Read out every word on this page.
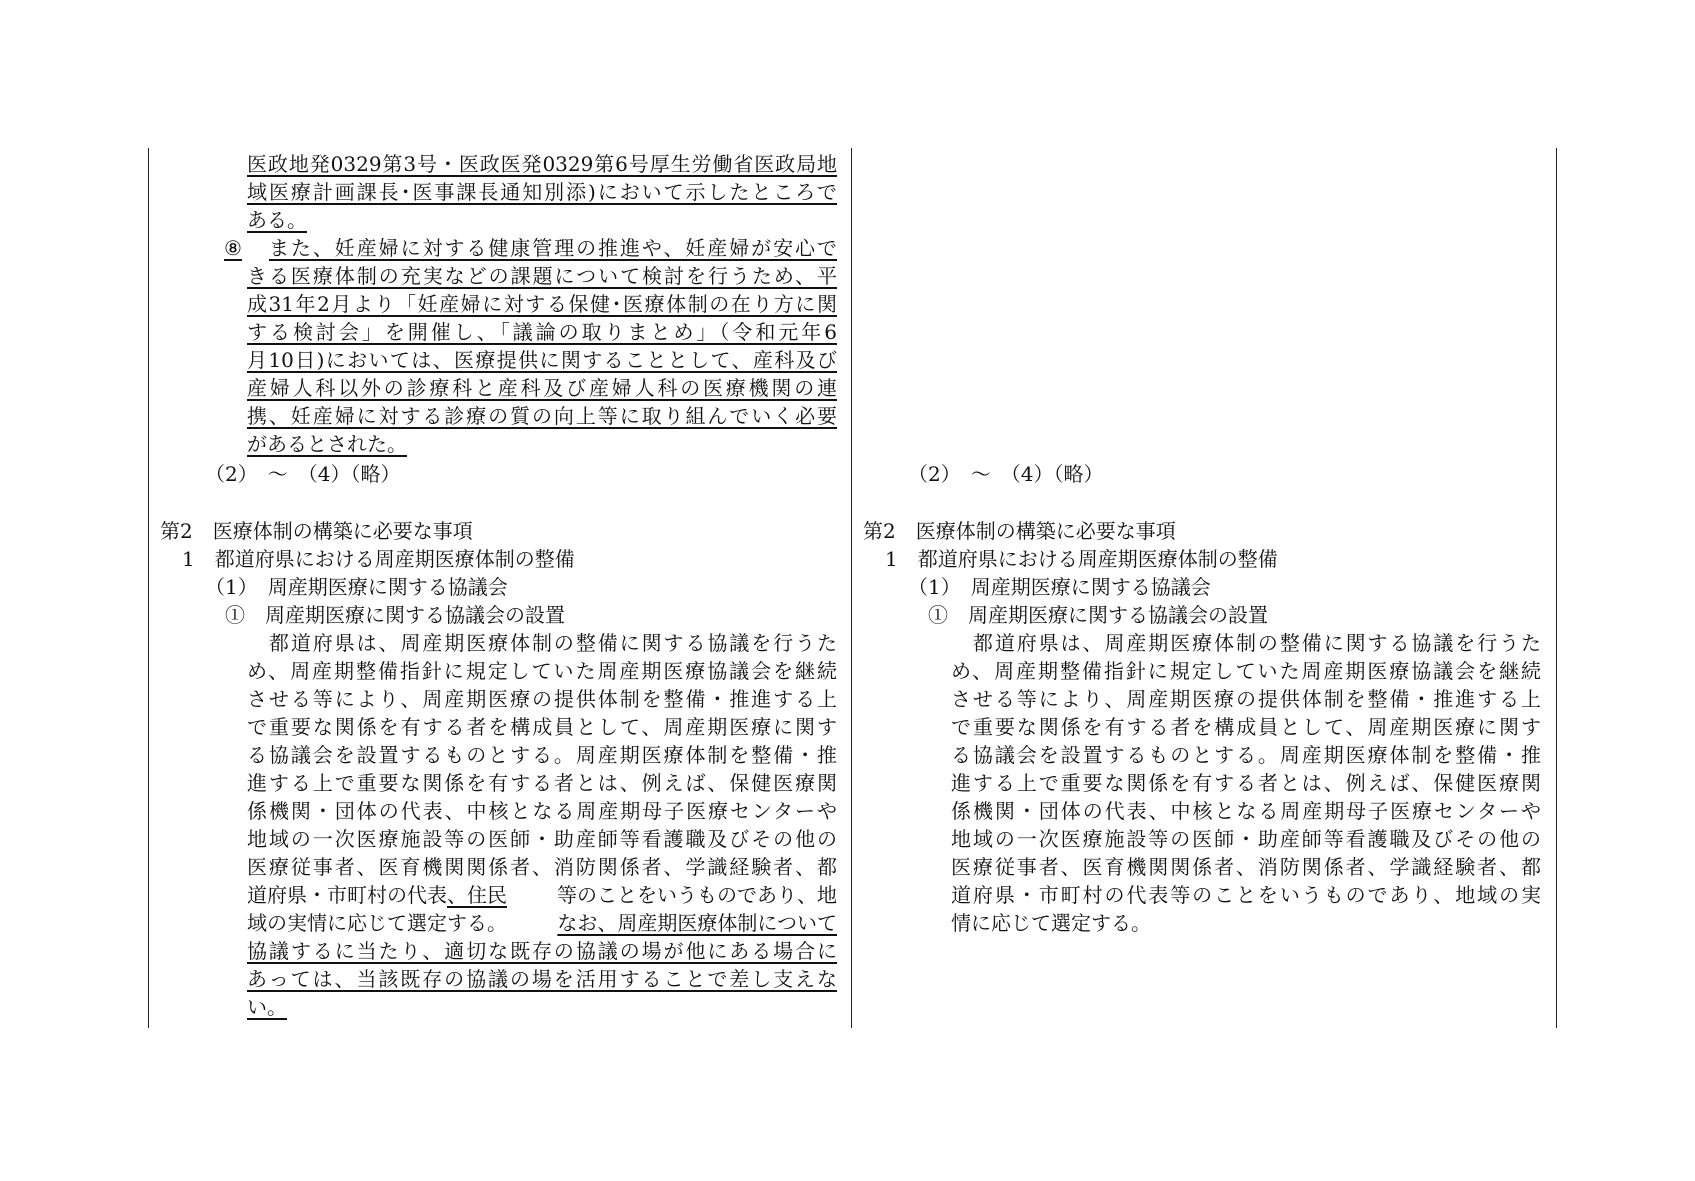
医政地発0329第3号・医政医発0329第6号厚生労働省医政局地
域医療計画課長･医事課長通知別添)において示したところで
ある。
⑧ また、妊産婦に対する健康管理の推進や、妊産婦が安心で
きる医療体制の充実などの課題について検討を行うため、平
成31年2月より「妊産婦に対する保健･医療体制の在り方に関
する検討会」を開催し、「議論の取りまとめ」（令和元年6
月10日)においては、医療提供に関することとして、産科及び
産婦人科以外の診療科と産科及び産婦人科の医療機関の連
携、妊産婦に対する診療の質の向上等に取り組んでいく必要
があるとされた。
（2）　～　（4）（略）
第2　医療体制の構築に必要な事項
1　都道府県における周産期医療体制の整備
（1）　周産期医療に関する協議会
①　周産期医療に関する協議会の設置
　都道府県は、周産期医療体制の整備に関する協議を行うた
め、周産期整備指針に規定していた周産期医療協議会を継続
させる等により、周産期医療の提供体制を整備・推進する上
で重要な関係を有する者を構成員として、周産期医療に関す
る協議会を設置するものとする。周産期医療体制を整備・推
進する上で重要な関係を有する者とは、例えば、保健医療関
係機関・団体の代表、中核となる周産期母子医療センターや
地域の一次医療施設等の医師・助産師等看護職及びその他の
医療従事者、医育機関関係者、消防関係者、学識経験者、都
道府県・市町村の代表、住民	等のことをいうものであり、地
域の実情に応じて選定する。	なお、周産期医療体制について
協議するに当たり、適切な既存の協議の場が他にある場合に
あっては、当該既存の協議の場を活用することで差し支えな
い。
（2）　～　（4）（略）
第2　医療体制の構築に必要な事項
1　都道府県における周産期医療体制の整備
（1）　周産期医療に関する協議会
①　周産期医療に関する協議会の設置
　都道府県は、周産期医療体制の整備に関する協議を行うた
め、周産期整備指針に規定していた周産期医療協議会を継続
させる等により、周産期医療の提供体制を整備・推進する上
で重要な関係を有する者を構成員として、周産期医療に関す
る協議会を設置するものとする。周産期医療体制を整備・推
進する上で重要な関係を有する者とは、例えば、保健医療関
係機関・団体の代表、中核となる周産期母子医療センターや
地域の一次医療施設等の医師・助産師等看護職及びその他の
医療従事者、医育機関関係者、消防関係者、学識経験者、都
道府県・市町村の代表等のことをいうものであり、地域の実
情に応じて選定する。
